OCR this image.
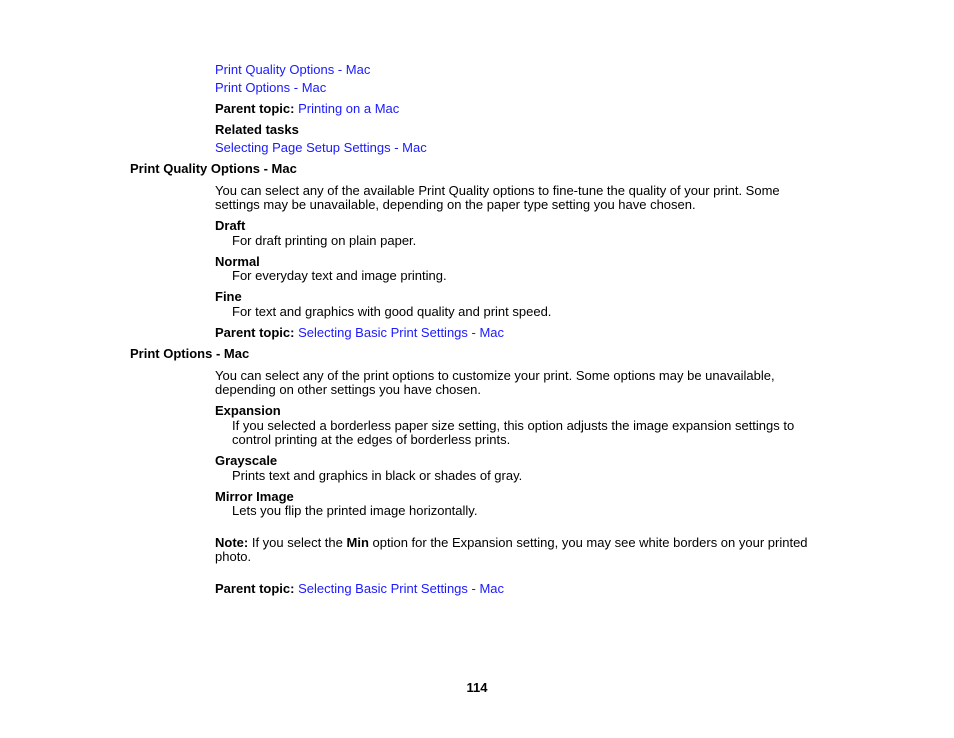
Print Quality Options - Mac
Print Options - Mac
Parent topic: Printing on a Mac
Related tasks
Selecting Page Setup Settings - Mac
Print Quality Options - Mac
You can select any of the available Print Quality options to fine-tune the quality of your print. Some
settings may be unavailable, depending on the paper type setting you have chosen.
Draft
For draft printing on plain paper.
Normal
For everyday text and image printing.
Fine
For text and graphics with good quality and print speed.
Parent topic: Selecting Basic Print Settings - Mac
Print Options - Mac
You can select any of the print options to customize your print. Some options may be unavailable,
depending on other settings you have chosen.
Expansion
If you selected a borderless paper size setting, this option adjusts the image expansion settings to
control printing at the edges of borderless prints.
Grayscale
Prints text and graphics in black or shades of gray.
Mirror Image
Lets you flip the printed image horizontally.
Note: If you select the Min option for the Expansion setting, you may see white borders on your printed
photo.
Parent topic: Selecting Basic Print Settings - Mac
114
